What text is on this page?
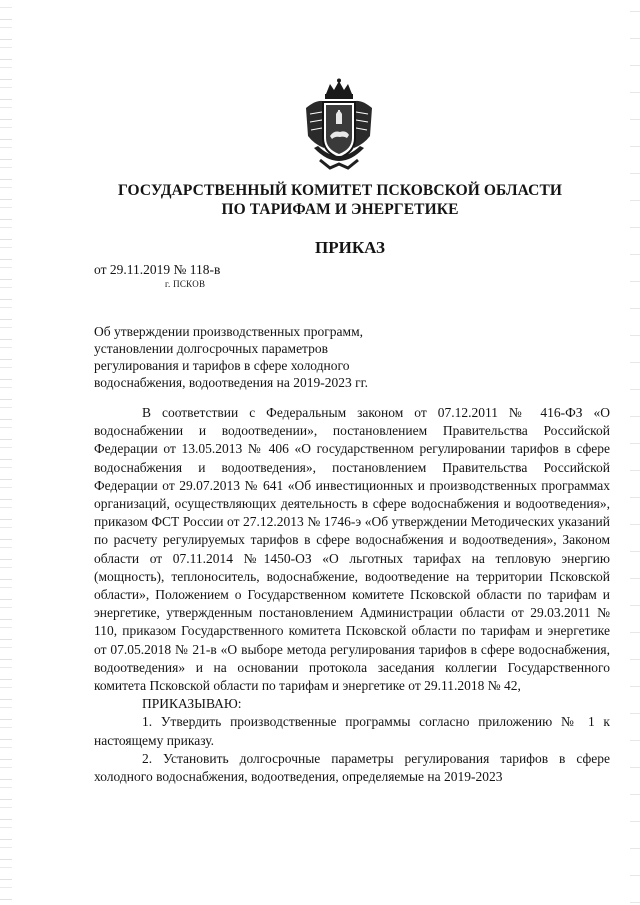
ГОСУДАРСТВЕННЫЙ КОМИТЕТ ПСКОВСКОЙ ОБЛАСТИ
ПО ТАРИФАМ И ЭНЕРГЕТИКЕ
ПРИКАЗ
от 29.11.2019 № 118-в
г. ПСКОВ
Об утверждении производственных программ,
установлении долгосрочных параметров
регулирования и тарифов в сфере холодного
водоснабжения, водоотведения на 2019-2023 гг.
В соответствии с Федеральным законом от 07.12.2011 № 416-ФЗ «О водоснабжении и водоотведении», постановлением Правительства Российской Федерации от 13.05.2013 № 406 «О государственном регулировании тарифов в сфере водоснабжения и водоотведения», постановлением Правительства Российской Федерации от 29.07.2013 № 641 «Об инвестиционных и производственных программах организаций, осуществляющих деятельность в сфере водоснабжения и водоотведения», приказом ФСТ России от 27.12.2013 № 1746-э «Об утверждении Методических указаний по расчету регулируемых тарифов в сфере водоснабжения и водоотведения», Законом области от 07.11.2014 №1450-ОЗ «О льготных тарифах на тепловую энергию (мощность), теплоноситель, водоснабжение, водоотведение на территории Псковской области», Положением о Государственном комитете Псковской области по тарифам и энергетике, утвержденным постановлением Администрации области от 29.03.2011 № 110, приказом Государственного комитета Псковской области по тарифам и энергетике от 07.05.2018 № 21-в «О выборе метода регулирования тарифов в сфере водоснабжения, водоотведения» и на основании протокола заседания коллегии Государственного комитета Псковской области по тарифам и энергетике от 29.11.2018 № 42,
ПРИКАЗЫВАЮ:
1. Утвердить производственные программы согласно приложению № 1 к настоящему приказу.
2. Установить долгосрочные параметры регулирования тарифов в сфере холодного водоснабжения, водоотведения, определяемые на 2019-2023
